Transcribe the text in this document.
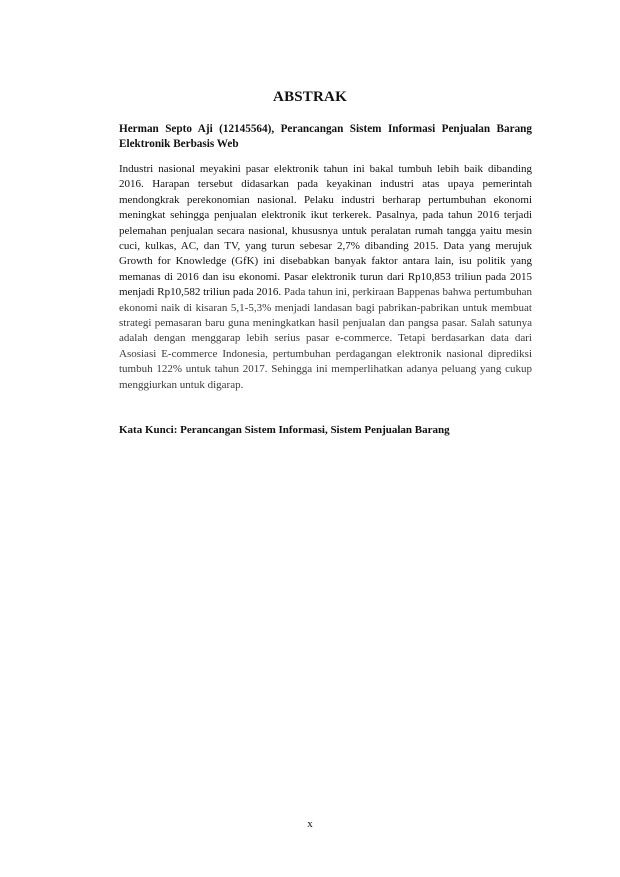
ABSTRAK
Herman Septo Aji (12145564), Perancangan Sistem Informasi Penjualan Barang Elektronik Berbasis Web
Industri nasional meyakini pasar elektronik tahun ini bakal tumbuh lebih baik dibanding 2016. Harapan tersebut didasarkan pada keyakinan industri atas upaya pemerintah mendongkrak perekonomian nasional. Pelaku industri berharap pertumbuhan ekonomi meningkat sehingga penjualan elektronik ikut terkerek. Pasalnya, pada tahun 2016 terjadi pelemahan penjualan secara nasional, khususnya untuk peralatan rumah tangga yaitu mesin cuci, kulkas, AC, dan TV, yang turun sebesar 2,7% dibanding 2015. Data yang merujuk Growth for Knowledge (GfK) ini disebabkan banyak faktor antara lain, isu politik yang memanas di 2016 dan isu ekonomi. Pasar elektronik turun dari Rp10,853 triliun pada 2015 menjadi Rp10,582 triliun pada 2016. Pada tahun ini, perkiraan Bappenas bahwa pertumbuhan ekonomi naik di kisaran 5,1-5,3% menjadi landasan bagi pabrikan-pabrikan untuk membuat strategi pemasaran baru guna meningkatkan hasil penjualan dan pangsa pasar. Salah satunya adalah dengan menggarap lebih serius pasar e-commerce. Tetapi berdasarkan data dari Asosiasi E-commerce Indonesia, pertumbuhan perdagangan elektronik nasional diprediksi tumbuh 122% untuk tahun 2017. Sehingga ini memperlihatkan adanya peluang yang cukup menggiurkan untuk digarap.
Kata Kunci: Perancangan Sistem Informasi, Sistem Penjualan Barang
x
